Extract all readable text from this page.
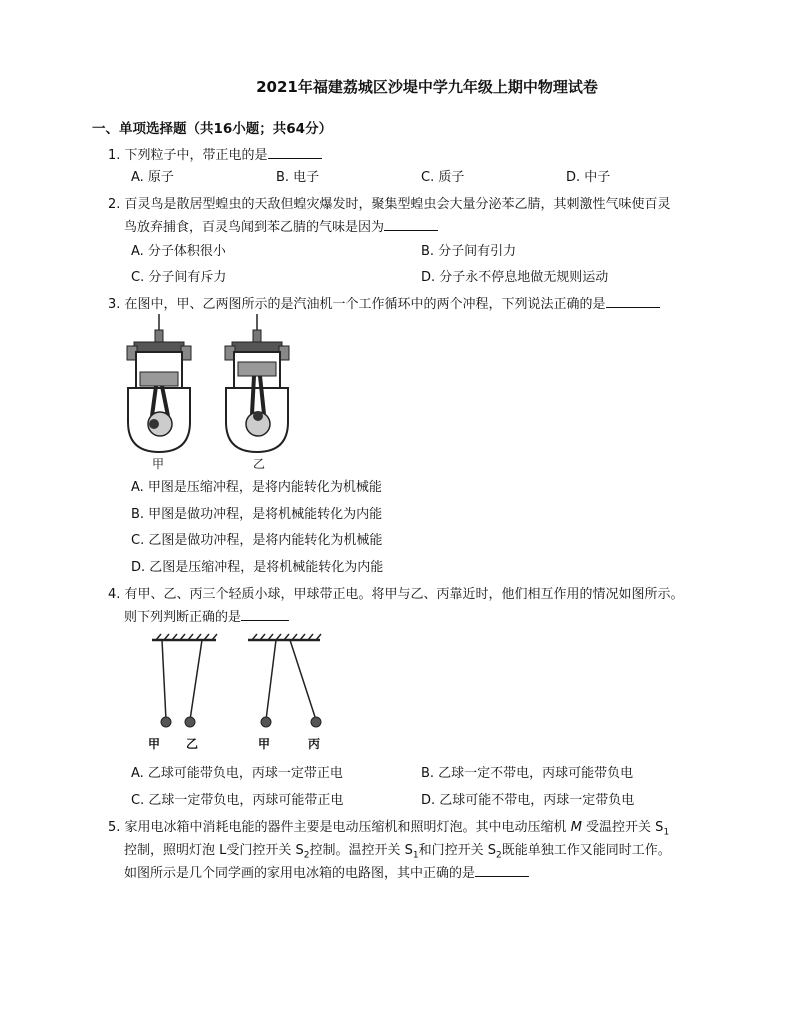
2021年福建荔城区沙堤中学九年级上期中物理试卷
一、单项选择题（共16小题；共64分）
1. 下列粒子中，带正电的是
A. 原子	B. 电子	C. 质子	D. 中子
2. 百灵鸟是散居型蝗虫的天敌但蝗灾爆发时，聚集型蝗虫会大量分泌苯乙腈，其刺激性气味使百灵
鸟放弃捕食，百灵鸟闻到苯乙腈的气味是因为
A. 分子体积很小	B. 分子间有引力
C. 分子间有斥力	D. 分子永不停息地做无规则运动
3. 在图中，甲、乙两图所示的是汽油机一个工作循环中的两个冲程，下列说法正确的是
甲	乙
A. 甲图是压缩冲程，是将内能转化为机械能
B. 甲图是做功冲程，是将机械能转化为内能
C. 乙图是做功冲程，是将内能转化为机械能
D. 乙图是压缩冲程，是将机械能转化为内能
4. 有甲、乙、丙三个轻质小球，甲球带正电。将甲与乙、丙靠近时，他们相互作用的情况如图所示。
则下列判断正确的是
甲 乙	甲	丙
A. 乙球可能带负电，丙球一定带正电	B. 乙球一定不带电，丙球可能带负电
C. 乙球一定带负电，丙球可能带正电	D. 乙球可能不带电，丙球一定带负电
5. 家用电冰箱中消耗电能的器件主要是电动压缩机和照明灯泡。其中电动压缩机 M 受温控开关 $S_1$
控制，照明灯泡 L受门控开关 $S_2$控制。温控开关 $S_1$和门控开关 $S_2$既能单独工作又能同时工作。
如图所示是几个同学画的家用电冰箱的电路图，其中正确的是
